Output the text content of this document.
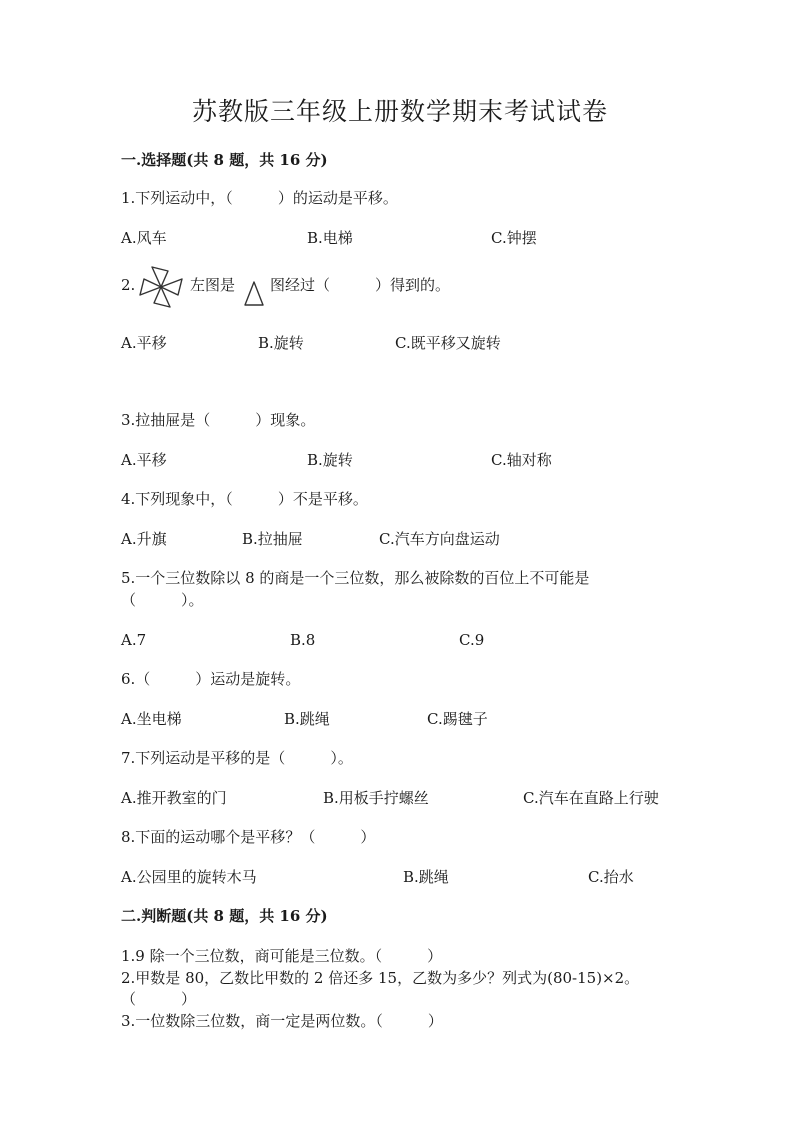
苏教版三年级上册数学期末考试试卷
一.选择题(共 8 题，共 16 分)
1.下列运动中，（　　　）的运动是平移。
A.风车	B.电梯	C.钟摆
2.	左图是 图经过（　　　）得到的。
A.平移	B.旋转	C.既平移又旋转
3.拉抽屉是（　　　）现象。
A.平移	B.旋转	C.轴对称
4.下列现象中，（　　　）不是平移。
A.升旗	B.拉抽屉	C.汽车方向盘运动
5.一个三位数除以 8 的商是一个三位数，那么被除数的百位上不可能是
（　　　）。
A.7	B.8	C.9
6.（　　　）运动是旋转。
A.坐电梯	B.跳绳	C.踢毽子
7.下列运动是平移的是（　　　）。
A.推开教室的门	B.用板手拧螺丝	C.汽车在直路上行驶
8.下面的运动哪个是平移？（　　　）
A.公园里的旋转木马	B.跳绳	C.抬水
二.判断题(共 8 题，共 16 分)
1.9 除一个三位数，商可能是三位数。（　　　）
2.甲数是 80，乙数比甲数的 2 倍还多 15，乙数为多少？列式为(80-15)×2。
（　　　）
3.一位数除三位数，商一定是两位数。（　　　）
